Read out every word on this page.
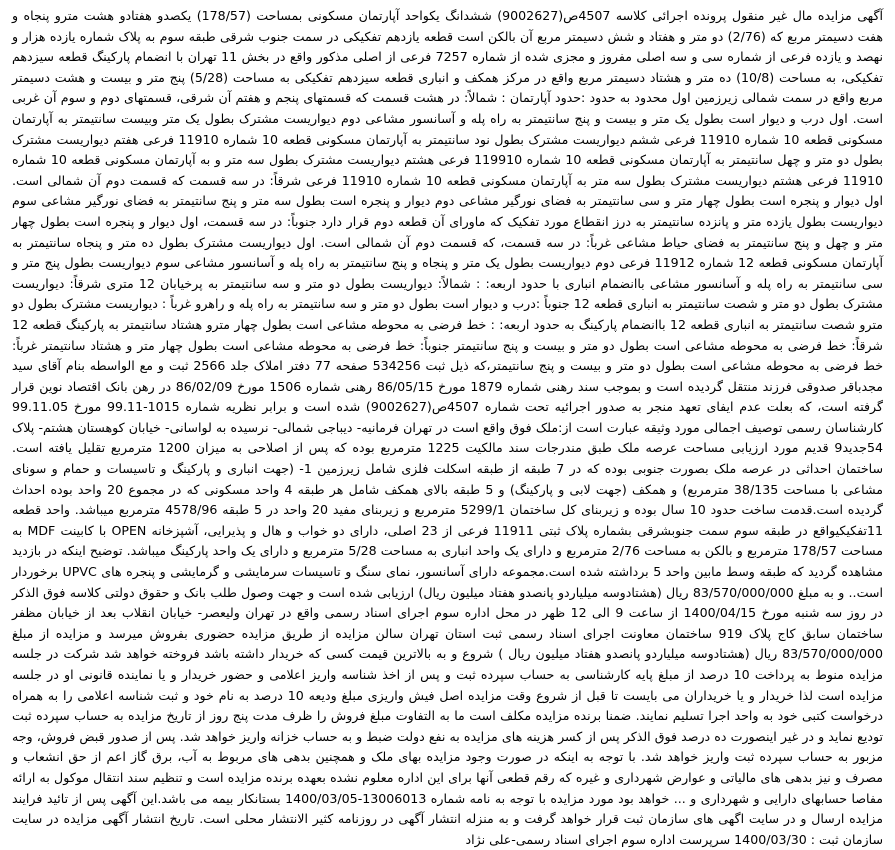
آگهی مزایده مال غیر منقول پرونده اجرائی کلاسه 4507ص(9002627) ششدانگ یکواحد آپارتمان مسکونی بمساحت (178/57) یکصدو هفتادو هشت مترو پنجاه و هفت دسیمتر مربع که (2/76) دو متر و هفتاد و شش دسیمتر مربع آن بالکن است قطعه یازدهم تفکیکی در سمت جنوب شرقی طبقه سوم به پلاک شماره یازده هزار و نهصد و یازده فرعی از شماره سی و سه اصلی مفروز و مجزی شده از شماره 7257 فرعی از اصلی مذکور واقع در بخش 11 تهران با انضمام پارکینگ قطعه سیزدهم تفکیکی، به مساحت (10/8) ده متر و هشتاد دسیمتر مربع واقع در مرکز همکف و انباری قطعه سیزدهم تفکیکی به مساحت (5/28) پنج متر و بیست و هشت دسیمتر مربع واقع در سمت شمالی زیرزمین اول محدود به حدود :حدود آپارتمان : شمالاً: در هشت قسمت که قسمتهای پنجم و هفتم آن شرقی، قسمتهای دوم و سوم آن غربی است. اول درب و دیوار است بطول یک متر و بیست و پنج سانتیمتر به راه پله و آسانسور مشاعی دوم دیواریست مشترک بطول یک متر وبیست سانتیمتر به آپارتمان مسکونی قطعه 10 شماره 11910 فرعی ششم دیواریست مشترک بطول نود سانتیمتر به آپارتمان مسکونی قطعه 10 شماره 11910 فرعی هفتم دیواریست مشترک بطول دو متر و چهل سانتیمتر به آپارتمان مسکونی قطعه 10 شماره 119910 فرعی هشتم دیواریست مشترک بطول سه متر و به آپارتمان مسکونی قطعه 10 شماره 11910 فرعی هشتم دیواریست مشترک بطول سه متر به آپارتمان مسکونی قطعه 10 شماره 11910 فرعی شرقاً: در سه قسمت که قسمت دوم آن شمالی است. اول دیوار و پنجره است بطول چهار متر و سی سانتیمتر به فضای نورگیر مشاعی دوم دیوار و پنجره است بطول سه متر و پنج سانتیمتر به فضای نورگیر مشاعی سوم دیواریست بطول یازده متر و پانزده سانتیمتر به درز انقطاع مورد تفکیک که ماورای آن قطعه دوم قرار دارد جنوباً: در سه قسمت، اول دیوار و پنجره است بطول چهار متر و چهل و پنج سانتیمتر به فضای حیاط مشاعی غرباً: در سه قسمت، که قسمت دوم آن شمالی است. اول دیواریست مشترک بطول ده متر و پنجاه سانتیمتر به آپارتمان مسکونی قطعه 12 شماره 11912 فرعی دوم دیواریست بطول یک متر و پنجاه و پنج سانتیمتر به راه پله و آسانسور مشاعی سوم دیواریست بطول پنج متر و سی سانتیمتر به راه پله و آسانسور مشاعی باانضمام انباری با حدود اربعه: : شمالاً: دیواریست بطول دو متر و سه سانتیمتر به پرخیابان 12 متری شرقاً: دیواریست مشترک بطول دو متر و شصت سانتیمتر به انباری قطعه 12 جنوباً :درب و دیوار است بطول دو متر و سه سانتیمتر به راه پله و راهرو غرباً : دیواریست مشترک بطول دو مترو شصت سانتیمتر به انباری قطعه 12 باانضمام پارکینگ به حدود اربعه: : خط فرضی به محوطه مشاعی است بطول چهار مترو هشتاد سانتیمتر به پارکینگ قطعه 12 شرقاً: خط فرضی به محوطه مشاعی است بطول دو متر و بیست و پنج سانتیمتر جنوباً: خط فرضی به محوطه مشاعی است بطول چهار متر و هشتاد سانتیمتر غرباً: خط فرضی به محوطه مشاعی است بطول دو متر و بیست و پنج سانتیمتر،که ذیل ثبت 534256 صفحه 77 دفتر املاک جلد 2566 ثبت و مع الواسطه بنام آقای سید مجدباقر صدوقی فرزند منتقل گردیده است و بموجب سند رهنی شماره 1879 مورخ 86/05/15 رهنی شماره 1506 مورخ 86/02/09 در رهن بانک اقتصاد نوین قرار گرفته است، که بعلت عدم ایفای تعهد منجر به صدور اجرائیه تحت شماره 4507ص(9002627) شده است و برابر نظریه شماره 1015-99.11 مورخ 99.11.05 کارشناسان رسمی توصیف اجمالی مورد وثیقه عبارت است از:ملک فوق واقع است در تهران فرمانیه- دیباجی شمالی- نرسیده به لواسانی- خیابان کوهستان هشتم- پلاک 54جدید9 قدیم مورد ارزیابی مساحت عرصه ملک طبق مندرجات سند مالکیت 1225 مترمربع بوده که پس از اصلاحی به میزان 1200 مترمربع تقلیل یافته است. ساختمان احداثی در عرصه ملک بصورت جنوبی بوده که در 7 طبقه از طبقه اسکلت فلزی شامل زیرزمین 1- (جهت انباری و پارکینگ و تاسیسات و حمام و سونای مشاعی با مساحت 38/135 مترمربع) و همکف (جهت لابی و پارکینگ) و 5 طبقه بالای همکف شامل هر طبقه 4 واحد مسکونی که در مجموع 20 واحد بوده احداث گردیده است.قدمت ساخت حدود 10 سال بوده و زیربنای کل ساختمان 5299/1 مترمربع و زیربنای مفید 20 واحد در 5 طبقه 4578/96 مترمربع میباشد. واحد قطعه 11تفکیکیواقع در طبقه سوم سمت جنوبشرقی بشماره پلاک ثبتی 11911 فرعی از 23 اصلی، دارای دو خواب و هال و پذیرایی، آشپزخانه OPEN با کابینت MDF به مساحت 178/57 مترمربع و بالکن به مساحت 2/76 مترمربع و دارای یک واحد انباری به مساحت 5/28 مترمربع و دارای یک واحد پارکینگ میباشد. توضیح اینکه در بازدید مشاهده گردید که طبقه وسط مابین واحد 5 برداشته شده است.مجموعه دارای آسانسور، نمای سنگ و تاسیسات سرمایشی و گرمایشی و پنجره های UPVC برخوردار است.. و به مبلغ 83/570/000/000 ریال (هشتادوسه میلیاردو پانصدو هفتاد میلیون ریال) ارزیابی شده است و جهت وصول طلب بانک و حقوق دولتی کلاسه فوق الذکر در روز سه شنبه مورخ 1400/04/15 از ساعت 9 الی 12 ظهر در محل اداره سوم اجرای اسناد رسمی واقع در تهران ولیعصر- خیابان انقلاب بعد از خیابان مظفر ساختمان سابق کاج پلاک 919 ساختمان معاونت اجرای اسناد رسمی ثبت استان تهران سالن مزایده از طریق مزایده حضوری بفروش میرسد و مزایده از مبلغ 83/570/000/000 ریال (هشتادوسه میلیاردو پانصدو هفتاد میلیون ریال ) شروع و به بالاترین قیمت کسی که خریدار داشته باشد فروخته خواهد شد شرکت در جلسه مزایده منوط به پرداخت 10 درصد از مبلغ پایه کارشناسی به حساب سپرده ثبت و پس از اخذ شناسه واریز اعلامی و حضور خریدار و یا نماینده قانونی او در جلسه مزایده است لذا خریدار و یا خریداران می بایست تا قبل از شروع وقت مزایده اصل فیش واریزی مبلغ ودیعه 10 درصد به نام خود و ثبت شناسه اعلامی را به همراه درخواست کتبی خود به واحد اجرا تسلیم نمایند. ضمنا برنده مزایده مکلف است ما به التفاوت مبلغ فروش را ظرف مدت پنج روز از تاریخ مزایده به حساب سپرده ثبت تودیع نماید و در غیر اینصورت ده درصد فوق الذکر پس از کسر هزینه های مزایده به نفع دولت ضبط و به حساب خزانه واریز خواهد شد. پس از صدور قبض فروش، وجه مزبور به حساب سپرده ثبت واریز خواهد شد. با توجه به اینکه در صورت وجود مزایده بهای ملک و همچنین بدهی های مربوط به آب، برق گاز اعم از حق انشعاب و مصرف و نیز بدهی های مالیاتی و عوارض شهرداری و غیره که رقم قطعی آنها برای این اداره معلوم نشده بعهده برنده مزایده است و تنظیم سند انتقال موکول به ارائه مفاصا حسابهای دارایی و شهرداری و ... خواهد بود مورد مزایده با توجه به نامه شماره 13006013-1400/03/05 بستانکار بیمه می باشد.این آگهی پس از تائید فرایند مزایده ارسال و در سایت اگهی های سازمان ثبت قرار خواهد گرفت و به منزله انتشار آگهی در روزنامه کثیر الانتشار محلی است. تاریخ انتشار آگهی مزایده در سایت سازمان ثبت : 1400/03/30 سرپرست اداره سوم اجرای اسناد رسمی-علی نژاد
